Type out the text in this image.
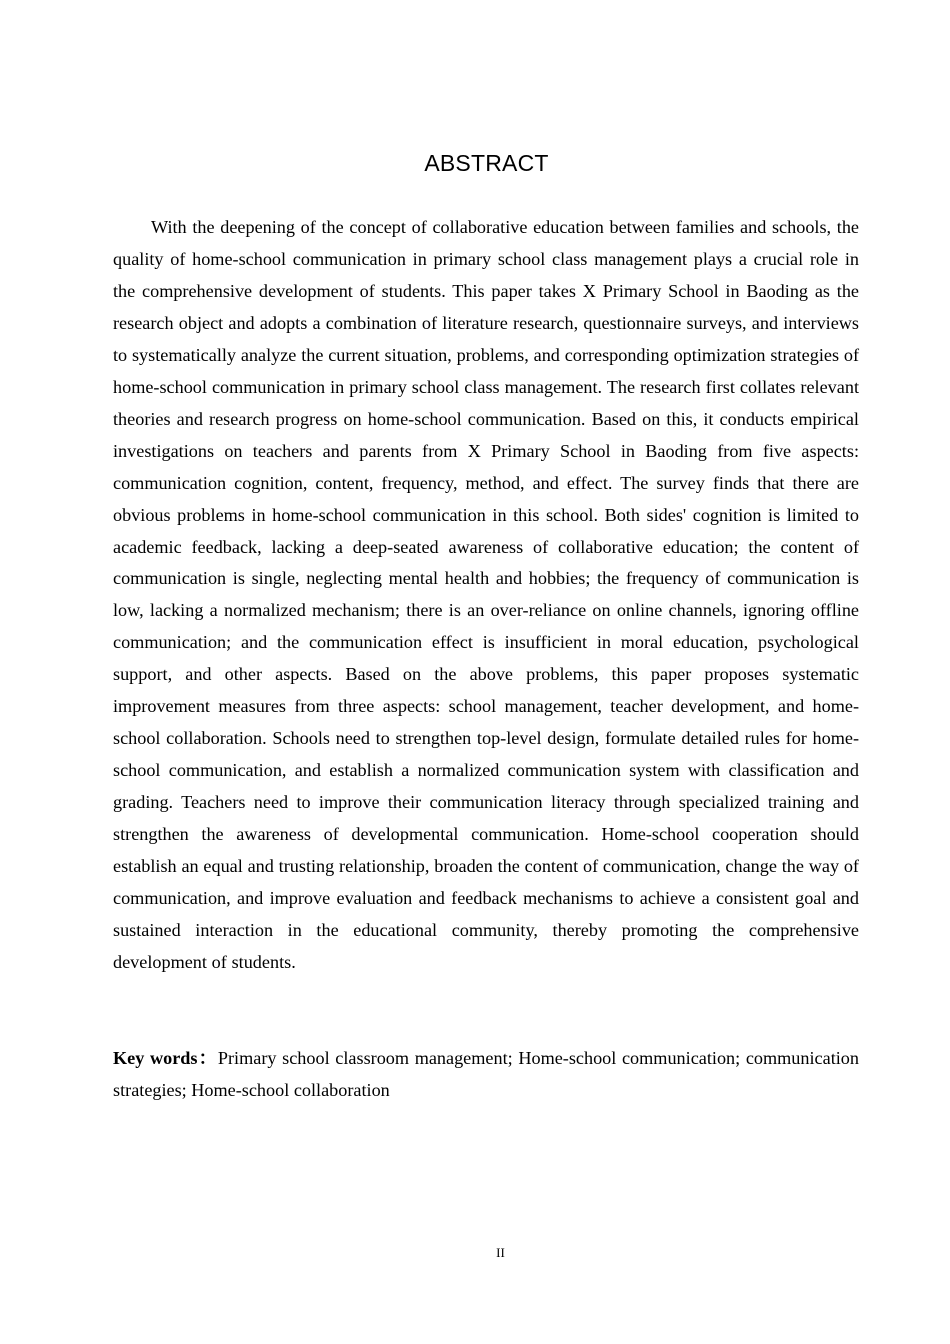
ABSTRACT

With the deepening of the concept of collaborative education between families and schools, the quality of home-school communication in primary school class management plays a crucial role in the comprehensive development of students. This paper takes X Primary School in Baoding as the research object and adopts a combination of literature research, questionnaire surveys, and interviews to systematically analyze the current situation, problems, and corresponding optimization strategies of home-school communication in primary school class management. The research first collates relevant theories and research progress on home-school communication. Based on this, it conducts empirical investigations on teachers and parents from X Primary School in Baoding from five aspects: communication cognition, content, frequency, method, and effect. The survey finds that there are obvious problems in home-school communication in this school. Both sides' cognition is limited to academic feedback, lacking a deep-seated awareness of collaborative education; the content of communication is single, neglecting mental health and hobbies; the frequency of communication is low, lacking a normalized mechanism; there is an over-reliance on online channels, ignoring offline communication; and the communication effect is insufficient in moral education, psychological support, and other aspects. Based on the above problems, this paper proposes systematic improvement measures from three aspects: school management, teacher development, and home-school collaboration. Schools need to strengthen top-level design, formulate detailed rules for home-school communication, and establish a normalized communication system with classification and grading. Teachers need to improve their communication literacy through specialized training and strengthen the awareness of developmental communication. Home-school cooperation should establish an equal and trusting relationship, broaden the content of communication, change the way of communication, and improve evaluation and feedback mechanisms to achieve a consistent goal and sustained interaction in the educational community, thereby promoting the comprehensive development of students.

Key words：Primary school classroom management; Home-school communication; communication strategies; Home-school collaboration

II
